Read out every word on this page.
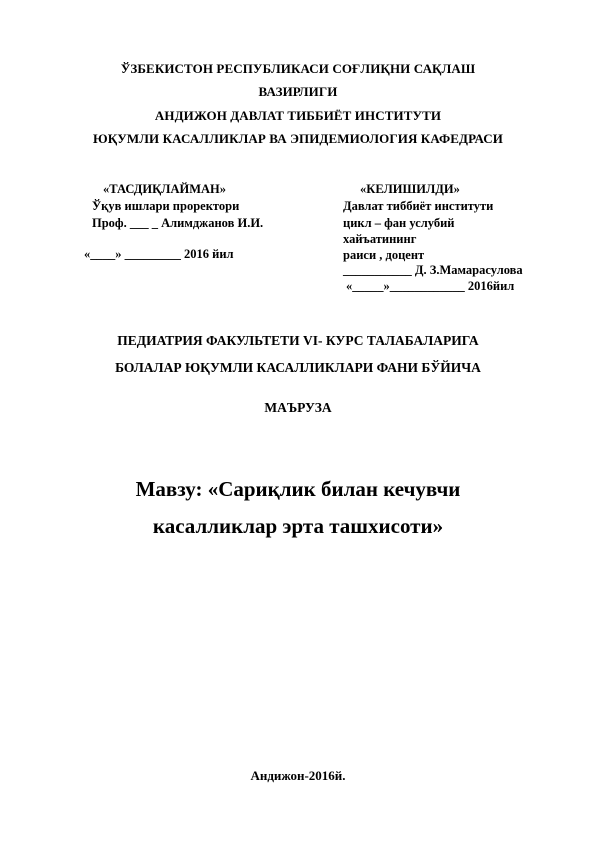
ЎЗБЕКИСТОН РЕСПУБЛИКАСИ СОҒЛИҚНИ САҚЛАШ
ВАЗИРЛИГИ
АНДИЖОН ДАВЛАТ ТИББИЁТ ИНСТИТУТИ
ЮҚУМЛИ КАСАЛЛИКЛАР ВА ЭПИДЕМИОЛОГИЯ КАФЕДРАСИ
«ТАСДИҚЛАЙМАН»
Ўқув ишлари проректори
Проф. ___ _ Алимджанов И.И.
«____» _________ 2016 йил
«КЕЛИШИЛДИ»
Давлат тиббиёт институти
цикл – фан услубий
хайъатининг
раиси , доцент
___________ Д. З.Мамарасулова
«_____»____________ 2016йил
ПЕДИАТРИЯ ФАКУЛЬТЕТИ VI- КУРС ТАЛАБАЛАРИГА
БОЛАЛАР ЮҚУМЛИ КАСАЛЛИКЛАРИ ФАНИ БЎЙИЧА
МАЪРУЗА
Мавзу: «Сариқлик билан кечувчи
касалликлар эрта ташхисоти»
Андижон-2016й.
